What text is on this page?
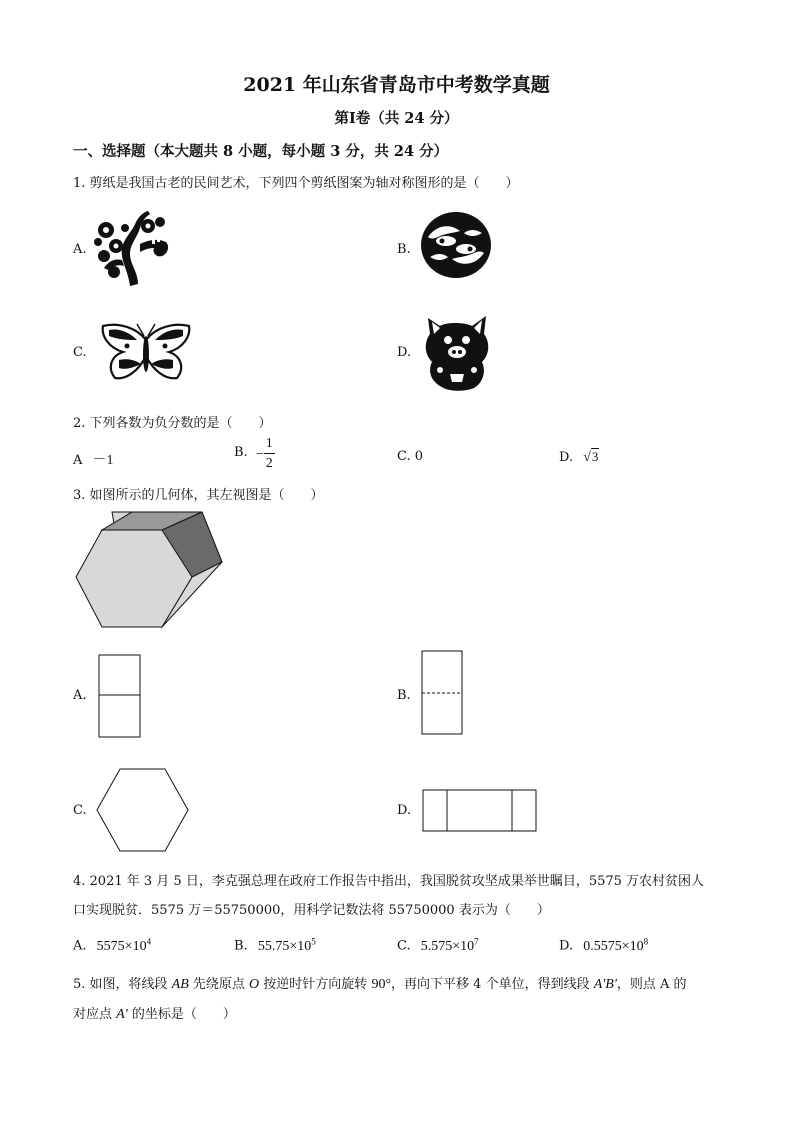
2021 年山东省青岛市中考数学真题
第Ⅰ卷（共 24 分）
一、选择题（本大题共 8 小题，每小题 3 分，共 24 分）
1. 剪纸是我国古老的民间艺术，下列四个剪纸图案为轴对称图形的是（　　）
A.	B.
C.	D.
2. 下列各数为负分数的是（　　）
A －1
B. − $\frac{1}{2}$	C. 0	D. √3
3. 如图所示的几何体，其左视图是（　　）
A.	B.
C.	D.
4. 2021 年 3 月 5 日，李克强总理在政府工作报告中指出，我国脱贫攻坚成果举世瞩目，5575 万农村贫困人
口实现脱贫．5575 万＝55750000，用科学记数法将 55750000 表示为（　　）
A. $5575\times 10^4$	B. $55.75\times 10^5$	C. $5.575\times 10^7$	D. $0.5575\times 10^8$
5. 如图，将线段 AB 先绕原点 O 按逆时针方向旋转 90°，再向下平移 4 个单位，得到线段 A'B'，则点 A 的
对应点 A' 的坐标是（　　）
